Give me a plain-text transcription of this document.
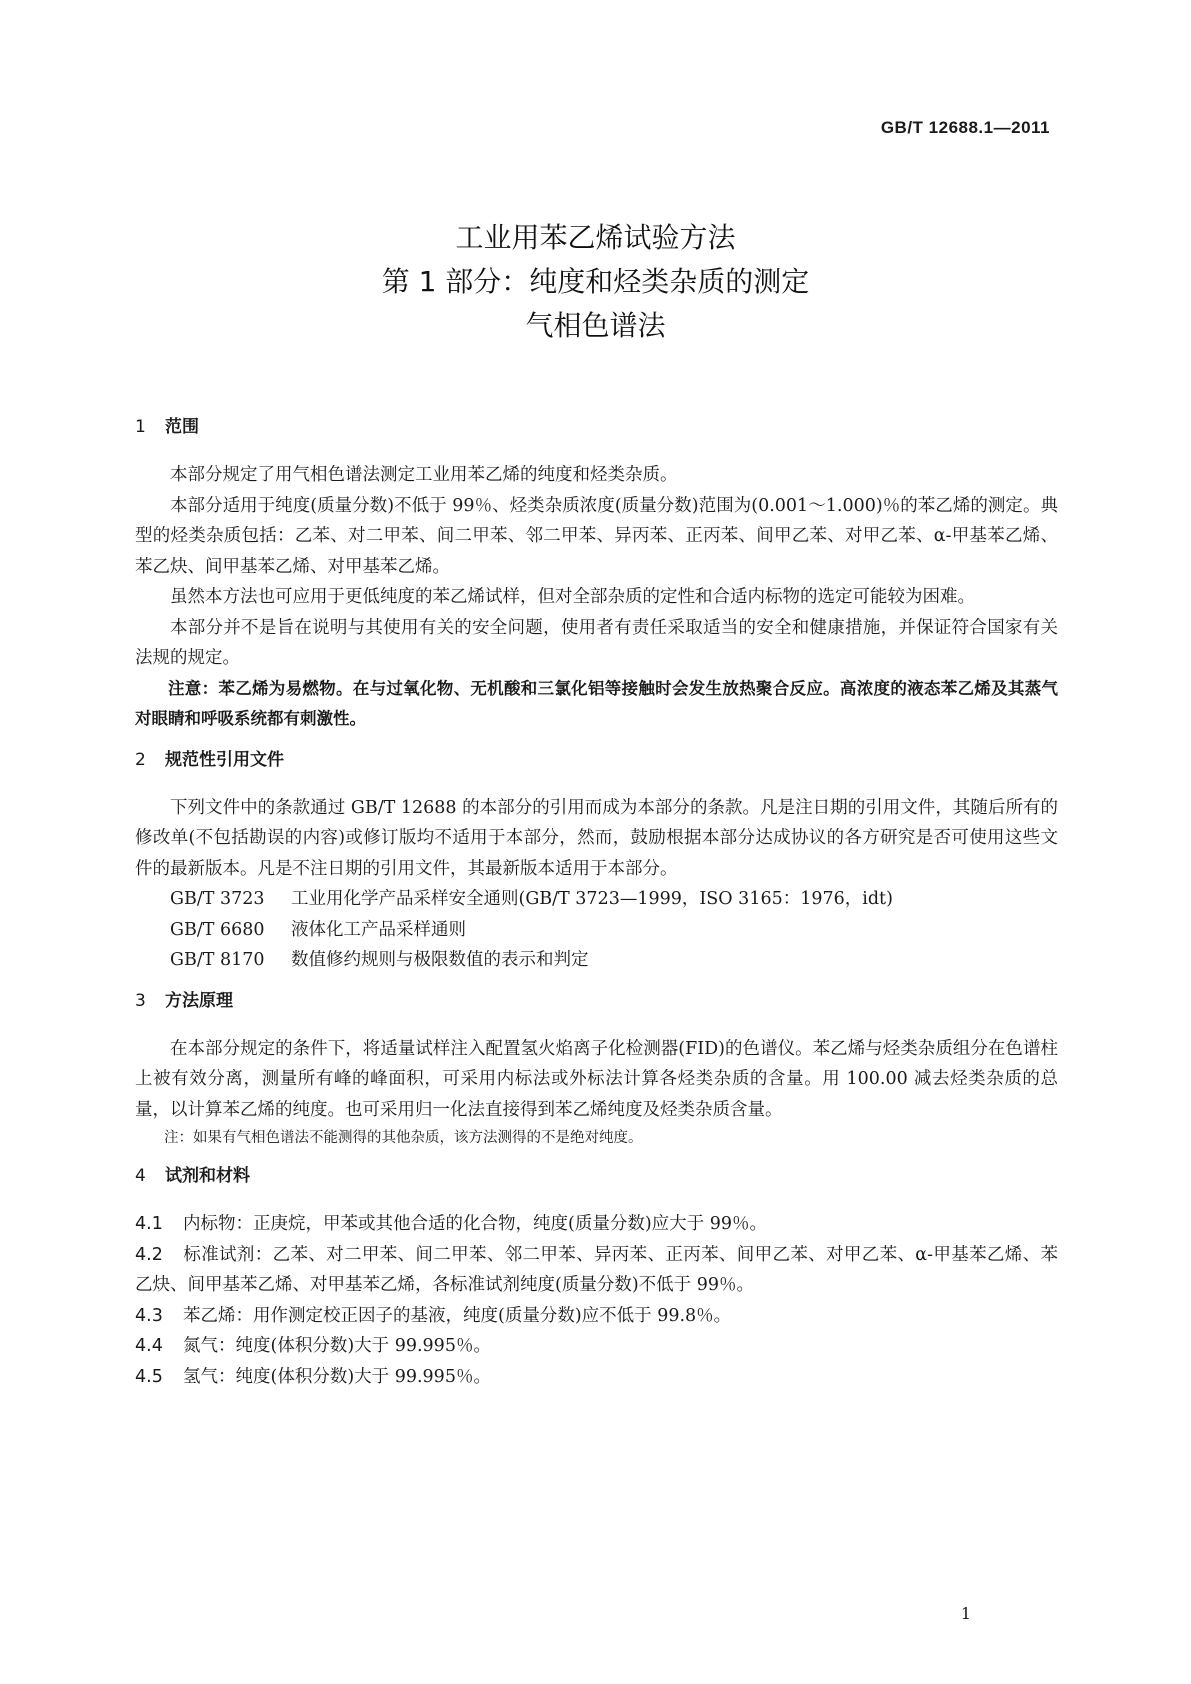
GB/T 12688.1—2011
工业用苯乙烯试验方法
第 1 部分：纯度和烃类杂质的测定
气相色谱法
1 范围

本部分规定了用气相色谱法测定工业用苯乙烯的纯度和烃类杂质。

本部分适用于纯度(质量分数)不低于 99％、烃类杂质浓度(质量分数)范围为(0.001～1.000)％的苯乙烯的测定。典型的烃类杂质包括：乙苯、对二甲苯、间二甲苯、邻二甲苯、异丙苯、正丙苯、间甲乙苯、对甲乙苯、α-甲基苯乙烯、苯乙炔、间甲基苯乙烯、对甲基苯乙烯。

虽然本方法也可应用于更低纯度的苯乙烯试样，但对全部杂质的定性和合适内标物的选定可能较为困难。

本部分并不是旨在说明与其使用有关的安全问题，使用者有责任采取适当的安全和健康措施，并保证符合国家有关法规的规定。

注意：苯乙烯为易燃物。在与过氧化物、无机酸和三氯化铝等接触时会发生放热聚合反应。高浓度的液态苯乙烯及其蒸气对眼睛和呼吸系统都有刺激性。

2 规范性引用文件

下列文件中的条款通过 GB/T 12688 的本部分的引用而成为本部分的条款。凡是注日期的引用文件，其随后所有的修改单(不包括勘误的内容)或修订版均不适用于本部分，然而，鼓励根据本部分达成协议的各方研究是否可使用这些文件的最新版本。凡是不注日期的引用文件，其最新版本适用于本部分。

GB/T 3723 工业用化学产品采样安全通则(GB/T 3723—1999，ISO 3165：1976，idt)
GB/T 6680 液体化工产品采样通则
GB/T 8170 数值修约规则与极限数值的表示和判定
3 方法原理

在本部分规定的条件下，将适量试样注入配置氢火焰离子化检测器(FID)的色谱仪。苯乙烯与烃类杂质组分在色谱柱上被有效分离，测量所有峰的峰面积，可采用内标法或外标法计算各烃类杂质的含量。用 100.00 减去烃类杂质的总量，以计算苯乙烯的纯度。也可采用归一化法直接得到苯乙烯纯度及烃类杂质含量。

注：如果有气相色谱法不能测得的其他杂质，该方法测得的不是绝对纯度。

4 试剂和材料
4.1 内标物：正庚烷，甲苯或其他合适的化合物，纯度(质量分数)应大于 99％。
4.2 标准试剂：乙苯、对二甲苯、间二甲苯、邻二甲苯、异丙苯、正丙苯、间甲乙苯、对甲乙苯、α-甲基苯乙烯、苯乙炔、间甲基苯乙烯、对甲基苯乙烯，各标准试剂纯度(质量分数)不低于 99％。
4.3 苯乙烯：用作测定校正因子的基液，纯度(质量分数)应不低于 99.8％。
4.4 氮气：纯度(体积分数)大于 99.995％。
4.5 氢气：纯度(体积分数)大于 99.995％。
1
